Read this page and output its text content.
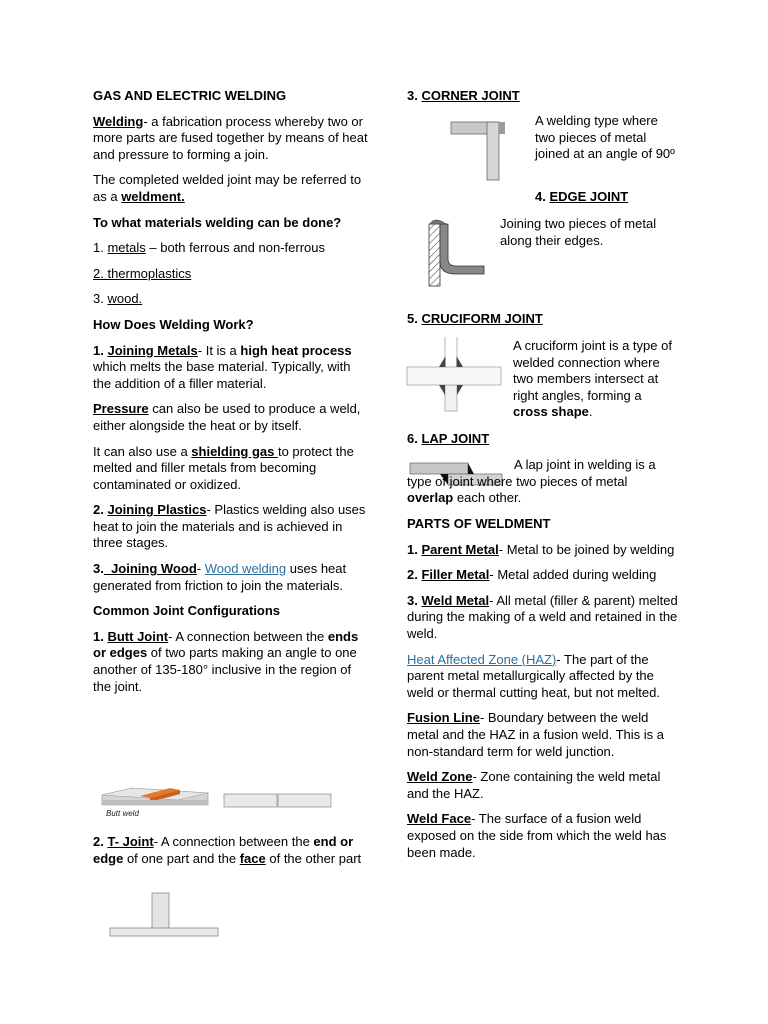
GAS AND ELECTRIC WELDING

Welding- a fabrication process whereby two or more parts are fused together by means of heat and pressure to forming a join.

The completed welded joint may be referred to as a weldment.

To what materials welding can be done?

1. metals – both ferrous and non-ferrous

2. thermoplastics

3. wood.

How Does Welding Work?

1. Joining Metals- It is a high heat process which melts the base material. Typically, with the addition of a filler material.

Pressure can also be used to produce a weld, either alongside the heat or by itself.

It can also use a shielding gas to protect the melted and filler metals from becoming contaminated or oxidized.

2. Joining Plastics- Plastics welding also uses heat to join the materials and is achieved in three stages.

3.  Joining Wood- Wood welding uses heat generated from friction to join the materials.

Common Joint Configurations

1. Butt Joint- A connection between the ends or edges of two parts making an angle to one another of 135-180° inclusive in the region of the joint.

Butt weld

2. T- Joint- A connection between the end or edge of one part and the face of the other part

3. CORNER JOINT

A welding type where two pieces of metal joined at an angle of 90º

4. EDGE JOINT

Joining two pieces of metal along their edges.

5. CRUCIFORM JOINT

A cruciform joint is a type of welded connection where two members intersect at right angles, forming a cross shape.

6. LAP JOINT

A lap joint in welding is a type of joint where two pieces of metal overlap each other.

PARTS OF WELDMENT

1. Parent Metal- Metal to be joined by welding

2. Filler Metal- Metal added during welding

3. Weld Metal- All metal (filler & parent) melted during the making of a weld and retained in the weld.

Heat Affected Zone (HAZ)- The part of the parent metal metallurgically affected by the weld or thermal cutting heat, but not melted.

Fusion Line- Boundary between the weld metal and the HAZ in a fusion weld. This is a non-standard term for weld junction.

Weld Zone- Zone containing the weld metal and the HAZ.

Weld Face- The surface of a fusion weld exposed on the side from which the weld has been made.
